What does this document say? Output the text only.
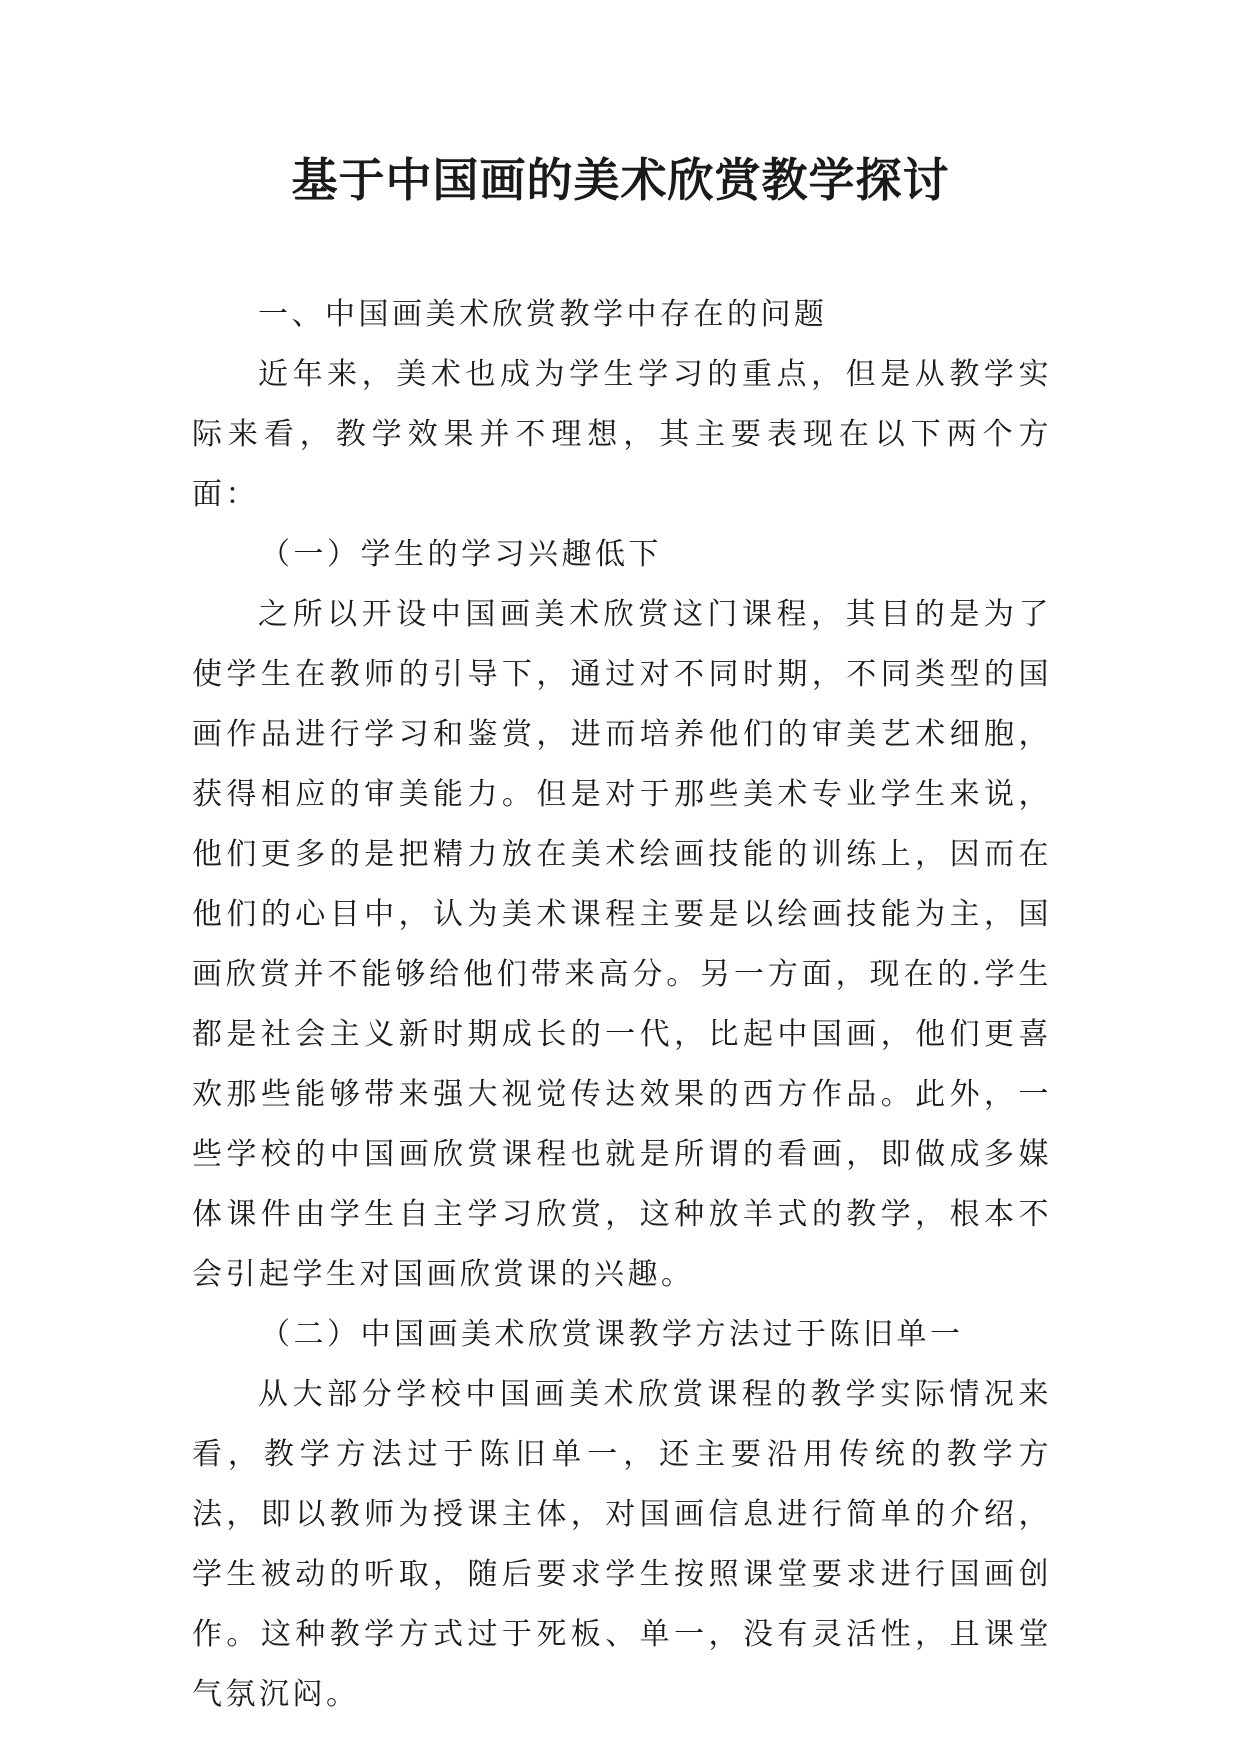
基于中国画的美术欣赏教学探讨

一、中国画美术欣赏教学中存在的问题

近年来，美术也成为学生学习的重点，但是从教学实际来看，教学效果并不理想，其主要表现在以下两个方面：

（一）学生的学习兴趣低下

之所以开设中国画美术欣赏这门课程，其目的是为了使学生在教师的引导下，通过对不同时期，不同类型的国画作品进行学习和鉴赏，进而培养他们的审美艺术细胞，获得相应的审美能力。但是对于那些美术专业学生来说，他们更多的是把精力放在美术绘画技能的训练上，因而在他们的心目中，认为美术课程主要是以绘画技能为主，国画欣赏并不能够给他们带来高分。另一方面，现在的.学生都是社会主义新时期成长的一代，比起中国画，他们更喜欢那些能够带来强大视觉传达效果的西方作品。此外，一些学校的中国画欣赏课程也就是所谓的看画，即做成多媒体课件由学生自主学习欣赏，这种放羊式的教学，根本不会引起学生对国画欣赏课的兴趣。

（二）中国画美术欣赏课教学方法过于陈旧单一

从大部分学校中国画美术欣赏课程的教学实际情况来看，教学方法过于陈旧单一，还主要沿用传统的教学方法，即以教师为授课主体，对国画信息进行简单的介绍，学生被动的听取，随后要求学生按照课堂要求进行国画创作。这种教学方式过于死板、单一，没有灵活性，且课堂气氛沉闷。
